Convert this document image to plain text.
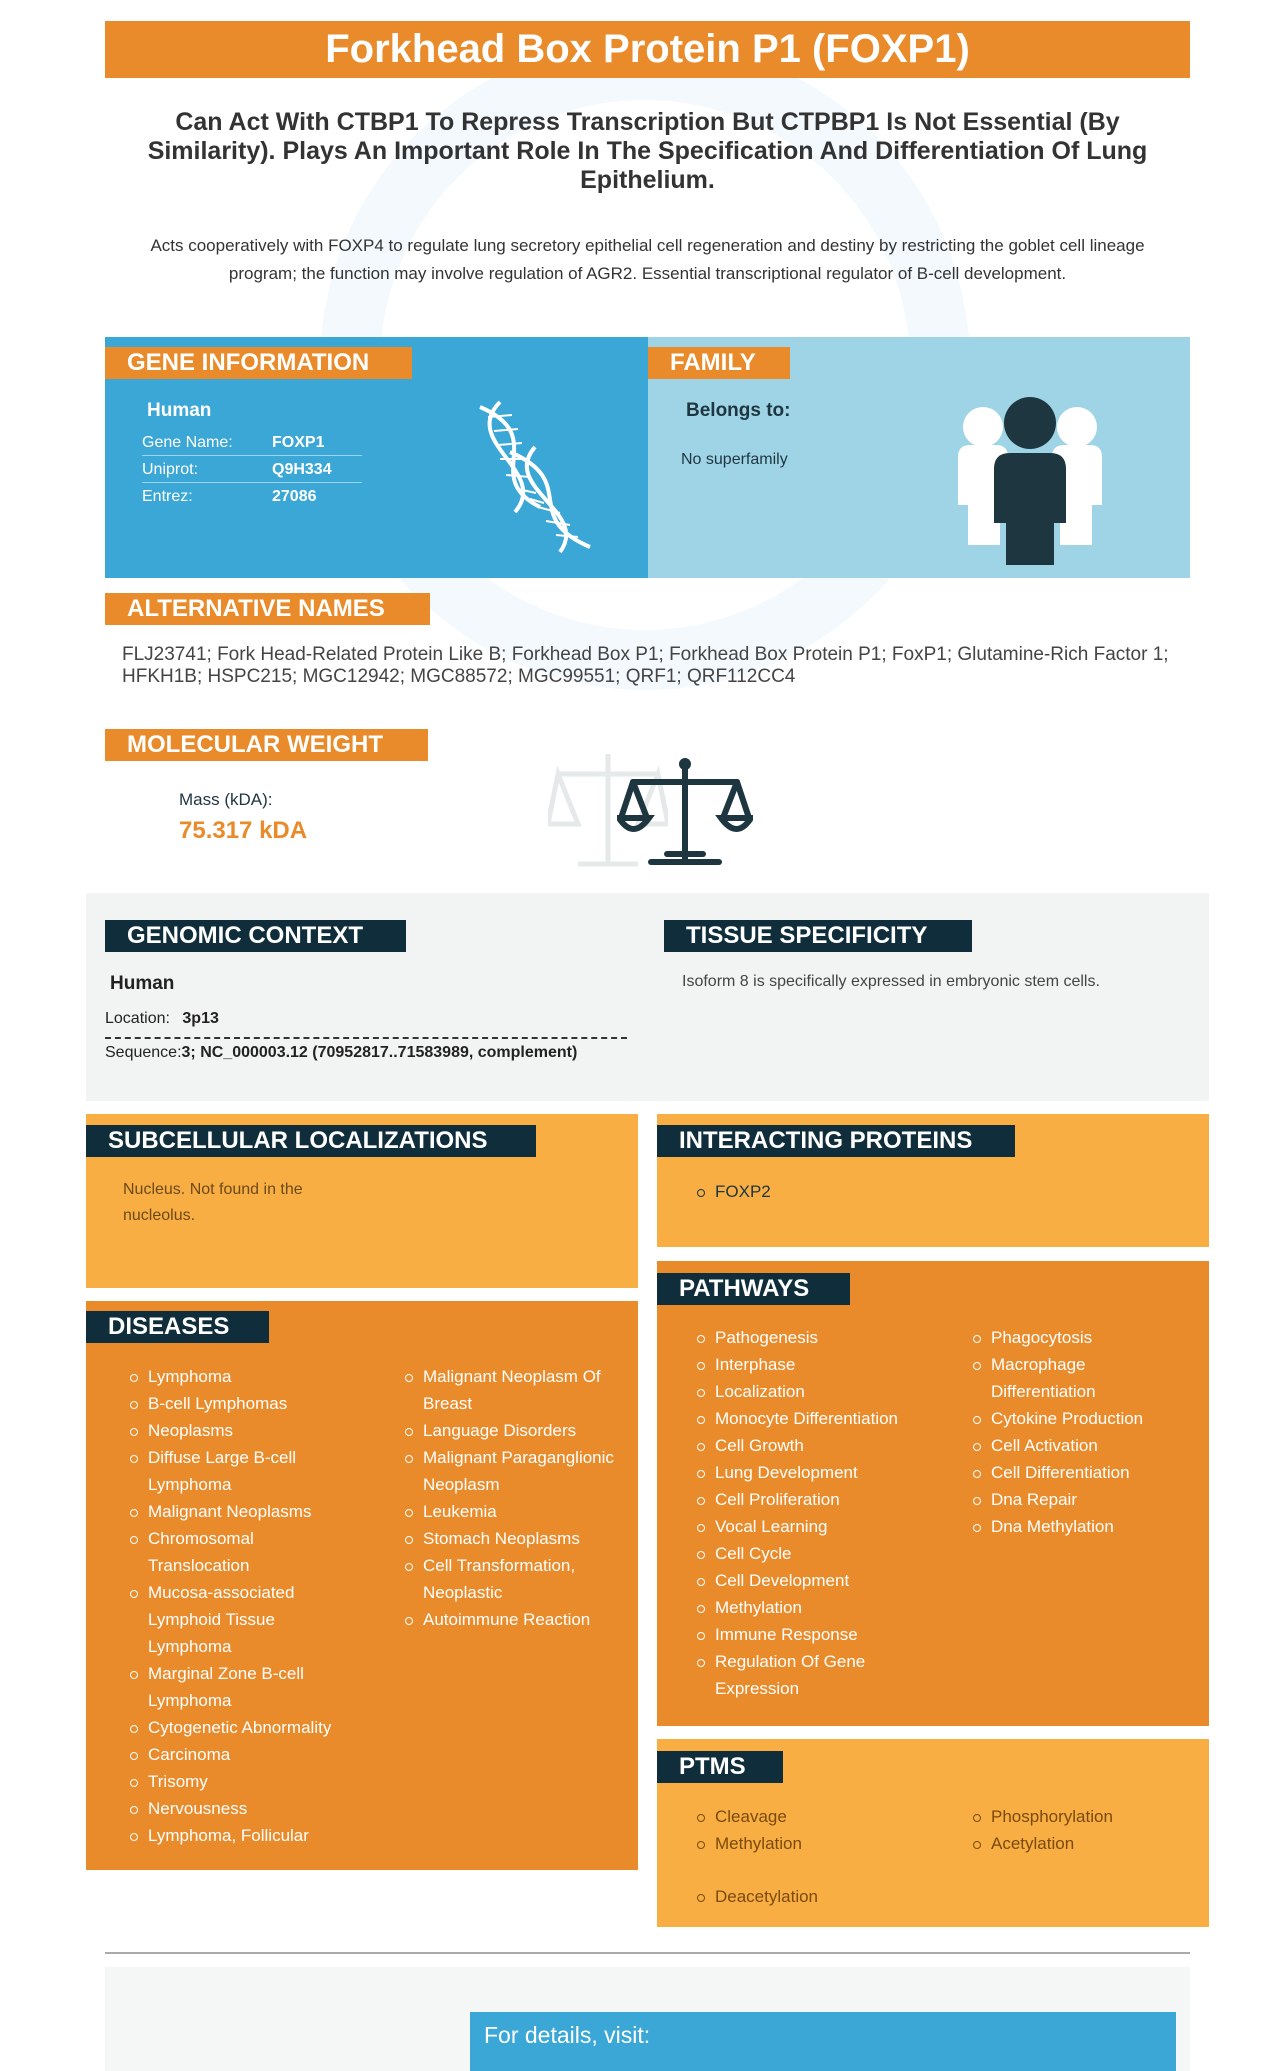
Forkhead Box Protein P1 (FOXP1)
Can Act With CTBP1 To Repress Transcription But CTPBP1 Is Not Essential (By Similarity). Plays An Important Role In The Specification And Differentiation Of Lung Epithelium.
Acts cooperatively with FOXP4 to regulate lung secretory epithelial cell regeneration and destiny by restricting the goblet cell lineage program; the function may involve regulation of AGR2. Essential transcriptional regulator of B-cell development.
GENE INFORMATION
Human
Gene Name: FOXP1
Uniprot:	Q9H334
Entrez:	27086
FAMILY
Belongs to:
No superfamily
ALTERNATIVE NAMES
FLJ23741; Fork Head-Related Protein Like B; Forkhead Box P1; Forkhead Box Protein P1; FoxP1; Glutamine-Rich Factor 1; HFKH1B; HSPC215; MGC12942; MGC88572; MGC99551; QRF1; QRF112CC4
MOLECULAR WEIGHT
Mass (kDA):
75.317 kDA
GENOMIC CONTEXT
Human
Location: 3p13
Sequence:3; NC_000003.12 (70952817..71583989, complement)
TISSUE SPECIFICITY
Isoform 8 is specifically expressed in embryonic stem cells.
SUBCELLULAR LOCALIZATIONS
Nucleus. Not found in the nucleolus.
INTERACTING PROTEINS
FOXP2
DISEASES
Lymphoma
B-cell Lymphomas
Neoplasms
Diffuse Large B-cell Lymphoma
Malignant Neoplasms
Chromosomal Translocation
Mucosa-associated Lymphoid Tissue Lymphoma
Marginal Zone B-cell Lymphoma
Cytogenetic Abnormality
Carcinoma
Trisomy
Nervousness
Lymphoma, Follicular
Malignant Neoplasm Of Breast
Language Disorders
Malignant Paraganglionic Neoplasm
Leukemia
Stomach Neoplasms
Cell Transformation, Neoplastic
Autoimmune Reaction
PATHWAYS
Pathogenesis
Interphase
Localization
Monocyte Differentiation
Cell Growth
Lung Development
Cell Proliferation
Vocal Learning
Cell Cycle
Cell Development
Methylation
Immune Response
Regulation Of Gene Expression
Phagocytosis
Macrophage Differentiation
Cytokine Production
Cell Activation
Cell Differentiation
Dna Repair
Dna Methylation
PTMS
Cleavage
Methylation
Phosphorylation
Acetylation
Deacetylation
For details, visit:
